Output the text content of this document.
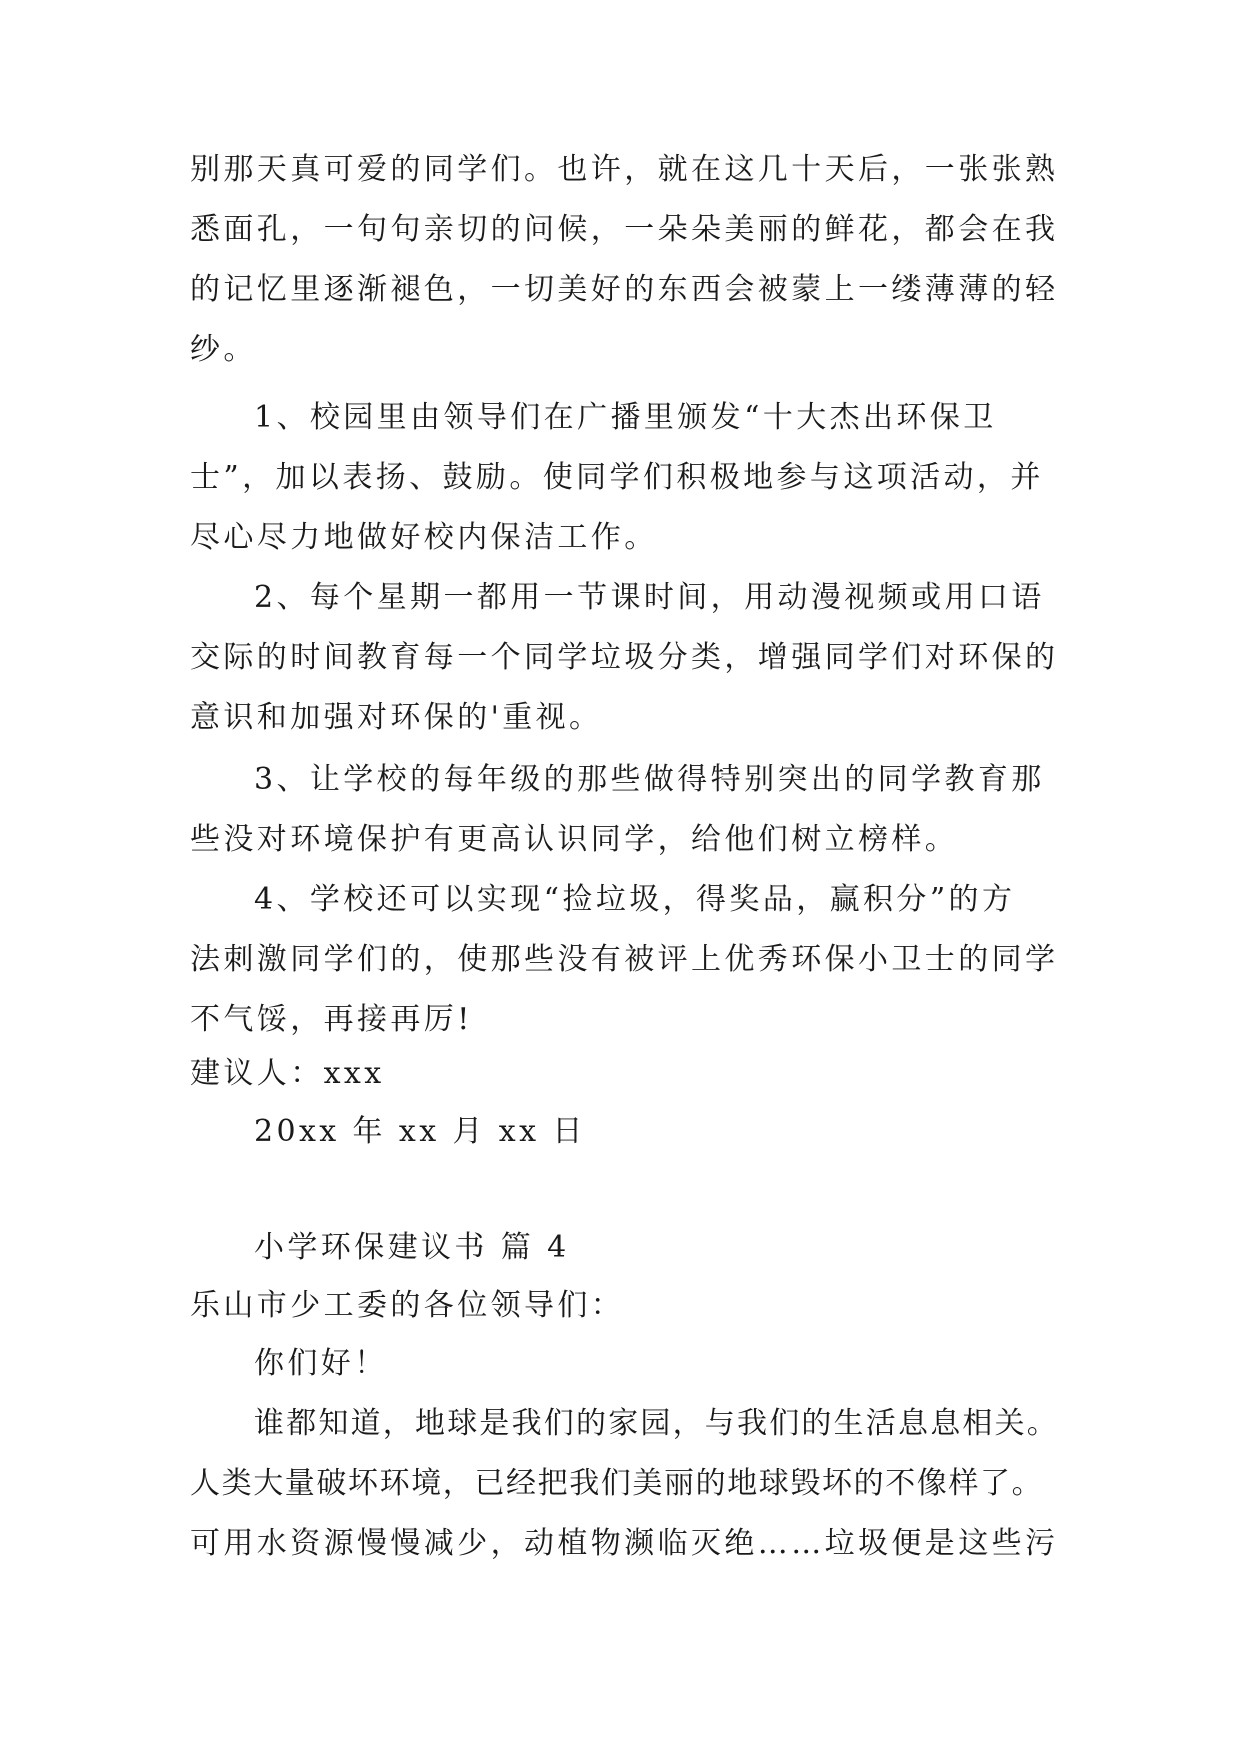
别那天真可爱的同学们。也许，就在这几十天后，一张张熟
悉面孔，一句句亲切的问候，一朵朵美丽的鲜花，都会在我
的记忆里逐渐褪色，一切美好的东西会被蒙上一缕薄薄的轻
纱。
1、校园里由领导们在广播里颁发“十大杰出环保卫
士”，加以表扬、鼓励。使同学们积极地参与这项活动，并
尽心尽力地做好校内保洁工作。
2、每个星期一都用一节课时间，用动漫视频或用口语
交际的时间教育每一个同学垃圾分类，增强同学们对环保的
意识和加强对环保的'重视。
3、让学校的每年级的那些做得特别突出的同学教育那
些没对环境保护有更高认识同学，给他们树立榜样。
4、学校还可以实现“捡垃圾，得奖品，赢积分”的方
法刺激同学们的，使那些没有被评上优秀环保小卫士的同学
不气馁，再接再厉!
建议人：xxx
20xx 年 xx 月 xx 日
小学环保建议书 篇 4
乐山市少工委的各位领导们：
你们好！
谁都知道，地球是我们的家园，与我们的生活息息相关。
人类大量破坏环境，已经把我们美丽的地球毁坏的不像样了。
可用水资源慢慢减少，动植物濒临灭绝……垃圾便是这些污
